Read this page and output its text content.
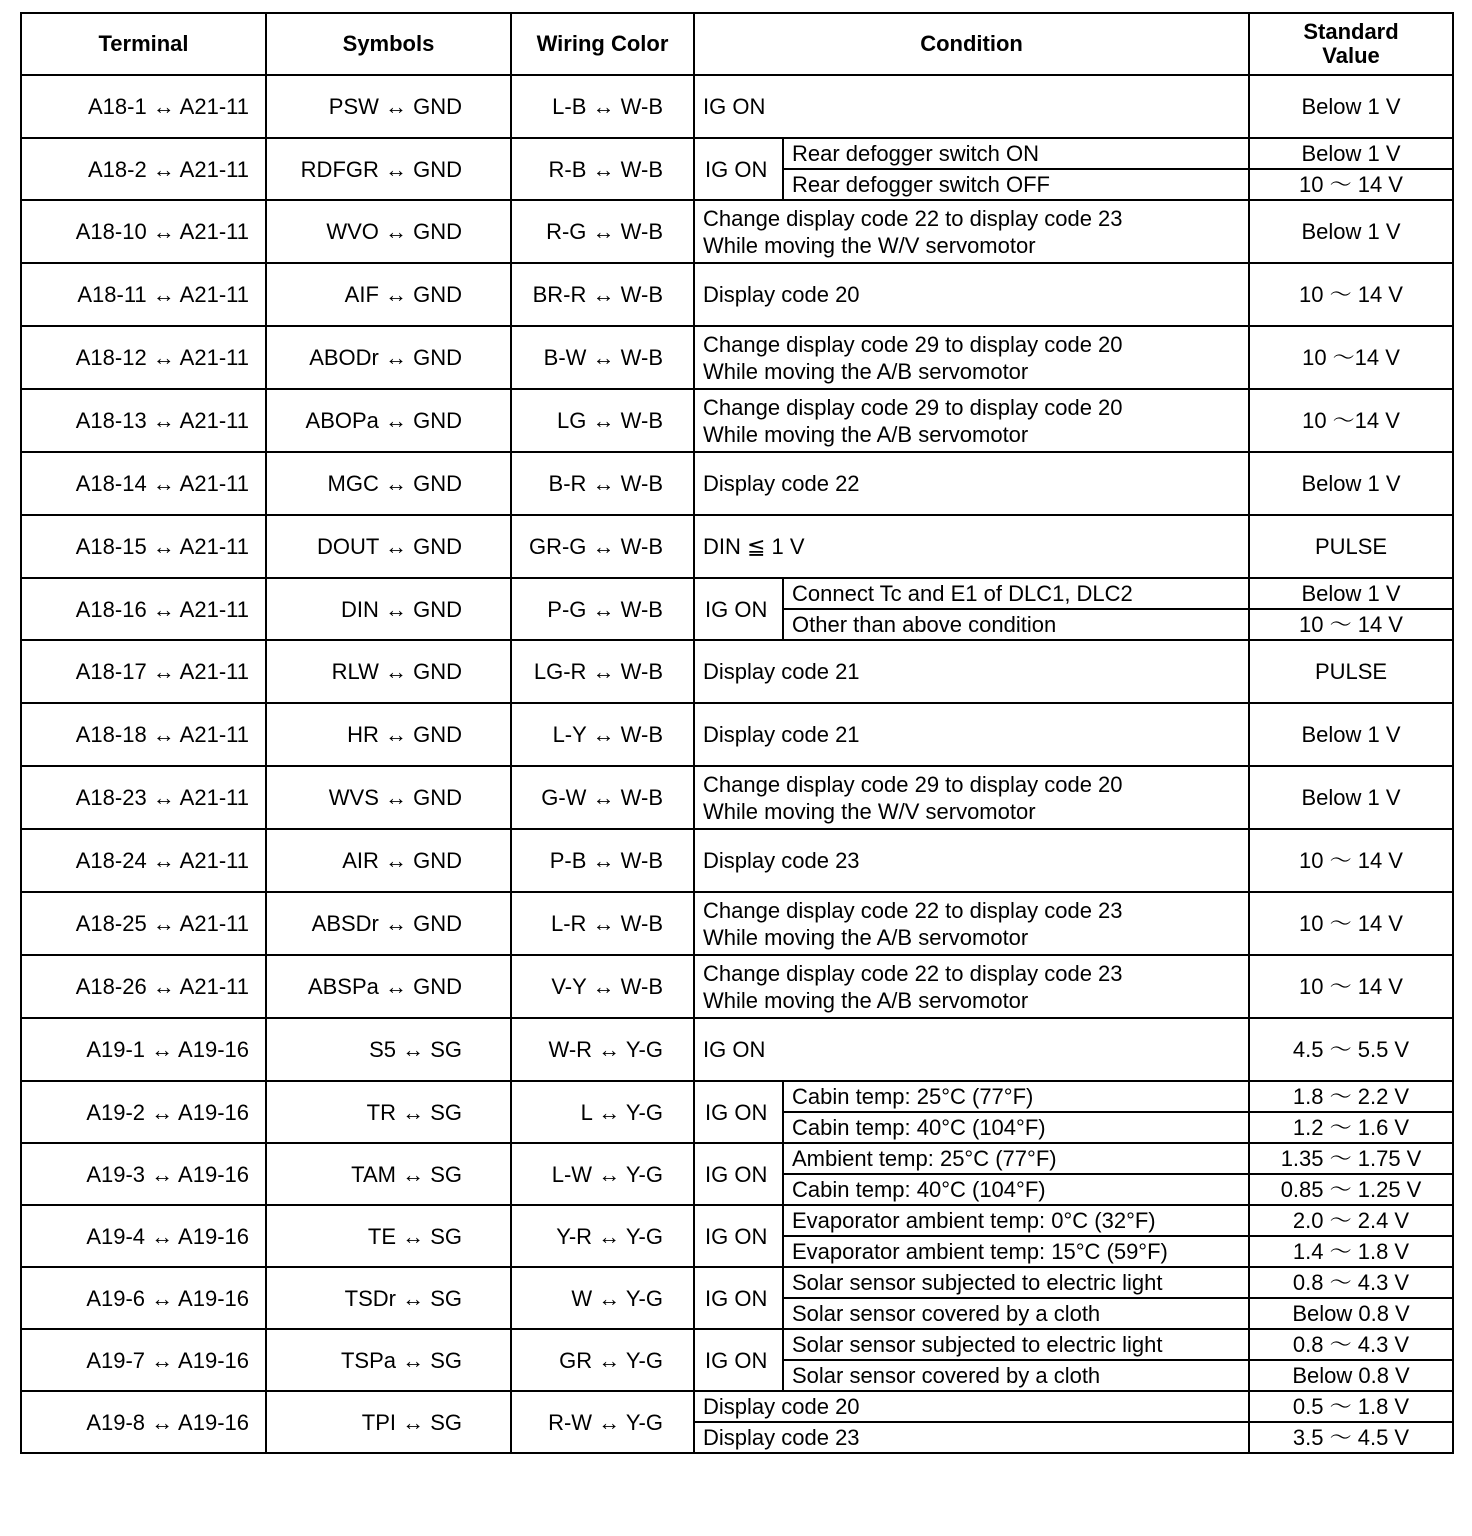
Terminal	Symbols	Wiring Color	Condition		Standard
Value
A18-1 ↔ A21-11	PSW ↔ GND	L-B ↔ W-B	IG ON		Below 1 V
A18-2 ↔ A21-11	RDFGR ↔ GND	R-B ↔ W-B	IG ON	Rear defogger switch ON	Below 1 V
				Rear defogger switch OFF	10 ～ 14 V
A18-10 ↔ A21-11	WVO ↔ GND	R-G ↔ W-B	Change display code 22 to display code 23
While moving the W/V servomotor		Below 1 V
A18-11 ↔ A21-11	AIF ↔ GND	BR-R ↔ W-B	Display code 20		10 ～ 14 V
A18-12 ↔ A21-11	ABODr ↔ GND	B-W ↔ W-B	Change display code 29 to display code 20
While moving the A/B servomotor		10 ～14 V
A18-13 ↔ A21-11	ABOPa ↔ GND	LG ↔ W-B	Change display code 29 to display code 20
While moving the A/B servomotor		10 ～14 V
A18-14 ↔ A21-11	MGC ↔ GND	B-R ↔ W-B	Display code 22		Below 1 V
A18-15 ↔ A21-11	DOUT ↔ GND	GR-G ↔ W-B	DIN ≦ 1 V		PULSE
A18-16 ↔ A21-11	DIN ↔ GND	P-G ↔ W-B	IG ON	Connect Tc and E1 of DLC1, DLC2	Below 1 V
				Other than above condition	10 ～ 14 V
A18-17 ↔ A21-11	RLW ↔ GND	LG-R ↔ W-B	Display code 21		PULSE
A18-18 ↔ A21-11	HR ↔ GND	L-Y ↔ W-B	Display code 21		Below 1 V
A18-23 ↔ A21-11	WVS ↔ GND	G-W ↔ W-B	Change display code 29 to display code 20
While moving the W/V servomotor		Below 1 V
A18-24 ↔ A21-11	AIR ↔ GND	P-B ↔ W-B	Display code 23		10 ～ 14 V
A18-25 ↔ A21-11	ABSDr ↔ GND	L-R ↔ W-B	Change display code 22 to display code 23
While moving the A/B servomotor		10 ～ 14 V
A18-26 ↔ A21-11	ABSPa ↔ GND	V-Y ↔ W-B	Change display code 22 to display code 23
While moving the A/B servomotor		10 ～ 14 V
A19-1 ↔ A19-16	S5 ↔ SG	W-R ↔ Y-G	IG ON		4.5 ～ 5.5 V
A19-2 ↔ A19-16	TR ↔ SG	L ↔ Y-G	IG ON	Cabin temp: 25°C (77°F)	1.8 ～ 2.2 V
				Cabin temp: 40°C (104°F)	1.2 ～ 1.6 V
A19-3 ↔ A19-16	TAM ↔ SG	L-W ↔ Y-G	IG ON	Ambient temp: 25°C (77°F)	1.35 ～ 1.75 V
				Cabin temp: 40°C (104°F)	0.85 ～ 1.25 V
A19-4 ↔ A19-16	TE ↔ SG	Y-R ↔ Y-G	IG ON	Evaporator ambient temp: 0°C (32°F)	2.0 ～ 2.4 V
				Evaporator ambient temp: 15°C (59°F)	1.4 ～ 1.8 V
A19-6 ↔ A19-16	TSDr ↔ SG	W ↔ Y-G	IG ON	Solar sensor subjected to electric light	0.8 ～ 4.3 V
				Solar sensor covered by a cloth	Below 0.8 V
A19-7 ↔ A19-16	TSPa ↔ SG	GR ↔ Y-G	IG ON	Solar sensor subjected to electric light	0.8 ～ 4.3 V
				Solar sensor covered by a cloth	Below 0.8 V
A19-8 ↔ A19-16	TPI ↔ SG	R-W ↔ Y-G	Display code 20		0.5 ～ 1.8 V
			Display code 23		3.5 ～ 4.5 V
